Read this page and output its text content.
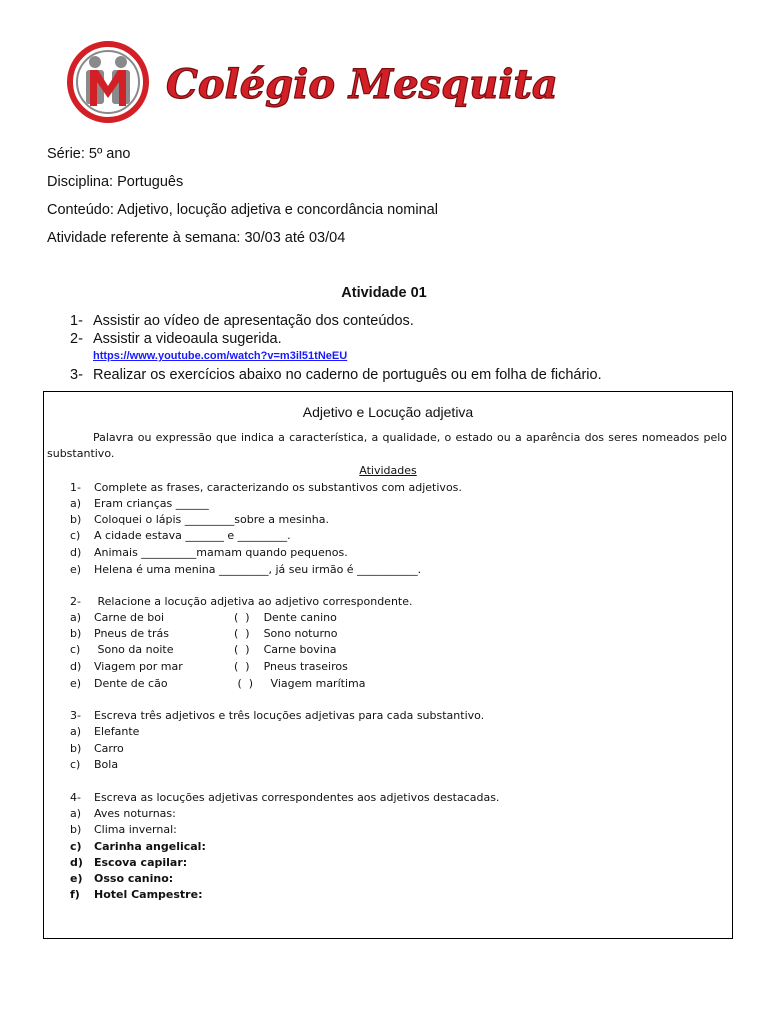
Colégio Mesquita
Série: 5º ano
Disciplina: Português
Conteúdo: Adjetivo, locução adjetiva e concordância nominal
Atividade referente à semana: 30/03 até 03/04
Atividade 01
1- Assistir ao vídeo de apresentação dos conteúdos.
2- Assistir a videoaula sugerida.
https://www.youtube.com/watch?v=m3il51tNeEU
3- Realizar os exercícios abaixo no caderno de português ou em folha de fichário.
Adjetivo e Locução adjetiva
Palavra ou expressão que indica a característica, a qualidade, o estado ou a aparência dos seres nomeados pelo substantivo.
Atividades
1- Complete as frases, caracterizando os substantivos com adjetivos.
a) Eram crianças ______
b) Coloquei o lápis _________sobre a mesinha.
c) A cidade estava _______ e _________.
d) Animais __________mamam quando pequenos.
e) Helena é uma menina _________, já seu irmão é ___________.
2- Relacione a locução adjetiva ao adjetivo correspondente.
a) Carne de boi	(  )    Dente canino
b) Pneus de trás	(  )    Sono noturno
c) Sono da noite	(  )    Carne bovina
d) Viagem por mar	(  )    Pneus traseiros
e) Dente de cão	(  )     Viagem marítima
3- Escreva três adjetivos e três locuções adjetivas para cada substantivo.
a) Elefante
b) Carro
c) Bola
4- Escreva as locuções adjetivas correspondentes aos adjetivos destacadas.
a) Aves noturnas:
b) Clima invernal:
c) Carinha angelical:
d) Escova capilar:
e) Osso canino:
f) Hotel Campestre:
